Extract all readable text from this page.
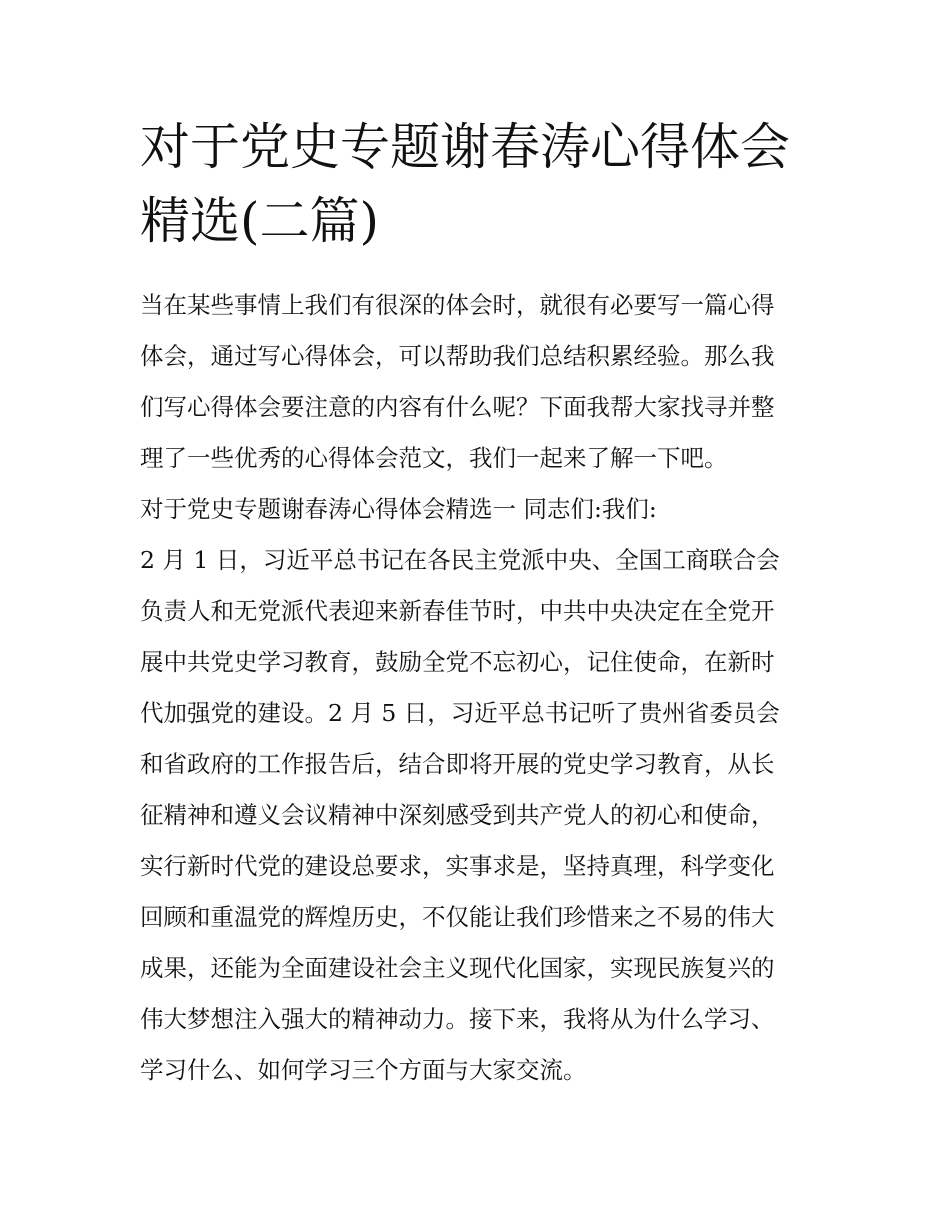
对于党史专题谢春涛心得体会
精选(二篇)
当在某些事情上我们有很深的体会时，就很有必要写一篇心得
体会，通过写心得体会，可以帮助我们总结积累经验。那么我
们写心得体会要注意的内容有什么呢？下面我帮大家找寻并整
理了一些优秀的心得体会范文，我们一起来了解一下吧。
对于党史专题谢春涛心得体会精选一 同志们:我们:
2 月 1 日，习近平总书记在各民主党派中央、全国工商联合会
负责人和无党派代表迎来新春佳节时，中共中央决定在全党开
展中共党史学习教育，鼓励全党不忘初心，记住使命，在新时
代加强党的建设。2 月 5 日，习近平总书记听了贵州省委员会
和省政府的工作报告后，结合即将开展的党史学习教育，从长
征精神和遵义会议精神中深刻感受到共产党人的初心和使命，
实行新时代党的建设总要求，实事求是，坚持真理，科学变化
回顾和重温党的辉煌历史，不仅能让我们珍惜来之不易的伟大
成果，还能为全面建设社会主义现代化国家，实现民族复兴的
伟大梦想注入强大的精神动力。接下来，我将从为什么学习、
学习什么、如何学习三个方面与大家交流。
